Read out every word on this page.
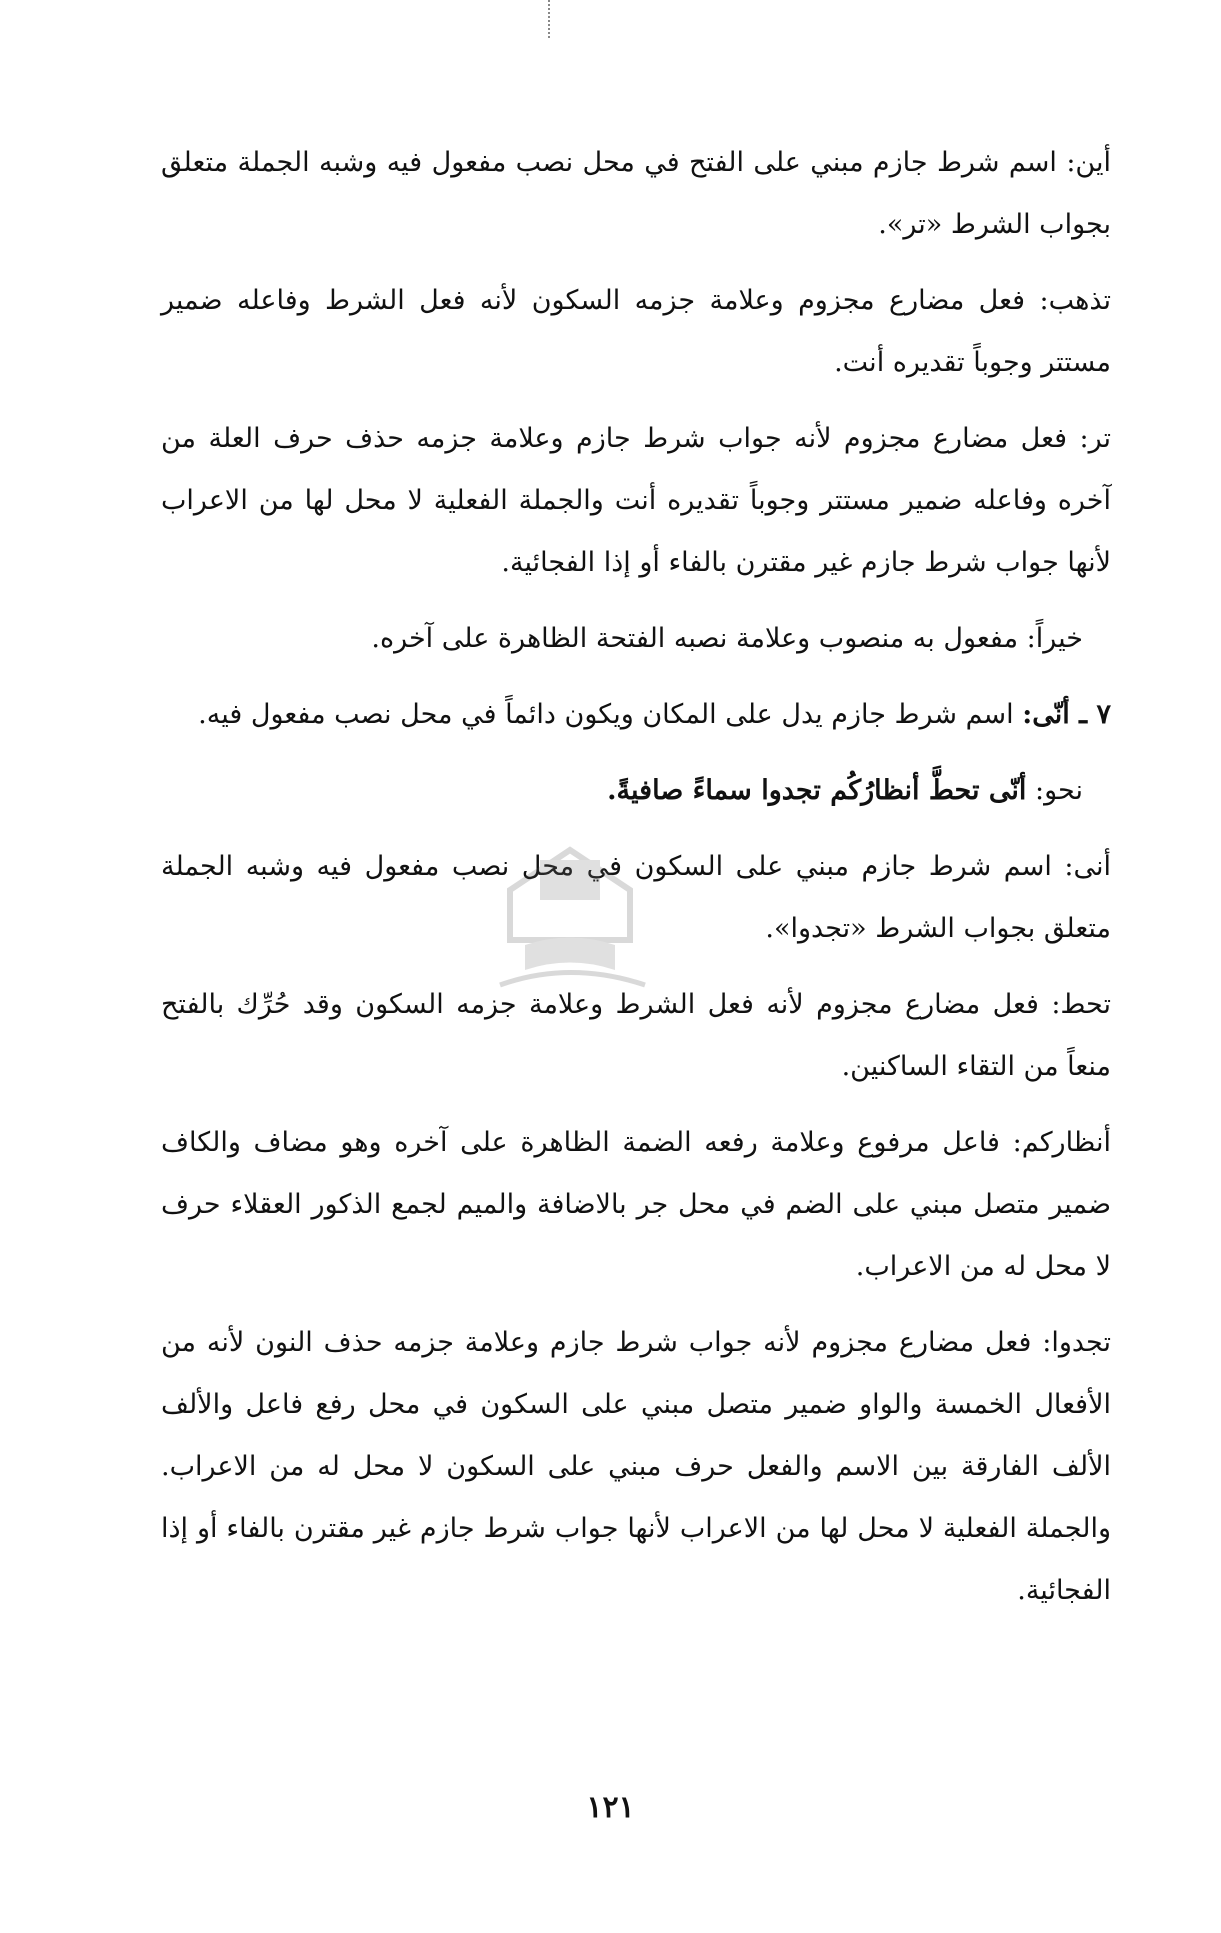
أين: اسم شرط جازم مبني على الفتح في محل نصب مفعول فيه وشبه الجملة متعلق بجواب الشرط «تر».

تذهب: فعل مضارع مجزوم وعلامة جزمه السكون لأنه فعل الشرط وفاعله ضمير مستتر وجوباً تقديره أنت.

تر: فعل مضارع مجزوم لأنه جواب شرط جازم وعلامة جزمه حذف حرف العلة من آخره وفاعله ضمير مستتر وجوباً تقديره أنت والجملة الفعلية لا محل لها من الاعراب لأنها جواب شرط جازم غير مقترن بالفاء أو إذا الفجائية.

خيراً: مفعول به منصوب وعلامة نصبه الفتحة الظاهرة على آخره.

٧ ـ أنّى: اسم شرط جازم يدل على المكان ويكون دائماً في محل نصب مفعول فيه.

نحو: أنّى تحطَّ أنظارُكُم تجدوا سماءً صافيةً.

أنى: اسم شرط جازم مبني على السكون في محل نصب مفعول فيه وشبه الجملة متعلق بجواب الشرط «تجدوا».

تحط: فعل مضارع مجزوم لأنه فعل الشرط وعلامة جزمه السكون وقد حُرِّك بالفتح منعاً من التقاء الساكنين.

أنظاركم: فاعل مرفوع وعلامة رفعه الضمة الظاهرة على آخره وهو مضاف والكاف ضمير متصل مبني على الضم في محل جر بالاضافة والميم لجمع الذكور العقلاء حرف لا محل له من الاعراب.

تجدوا: فعل مضارع مجزوم لأنه جواب شرط جازم وعلامة جزمه حذف النون لأنه من الأفعال الخمسة والواو ضمير متصل مبني على السكون في محل رفع فاعل والألف الألف الفارقة بين الاسم والفعل حرف مبني على السكون لا محل له من الاعراب. والجملة الفعلية لا محل لها من الاعراب لأنها جواب شرط جازم غير مقترن بالفاء أو إذا الفجائية.

١٢١
